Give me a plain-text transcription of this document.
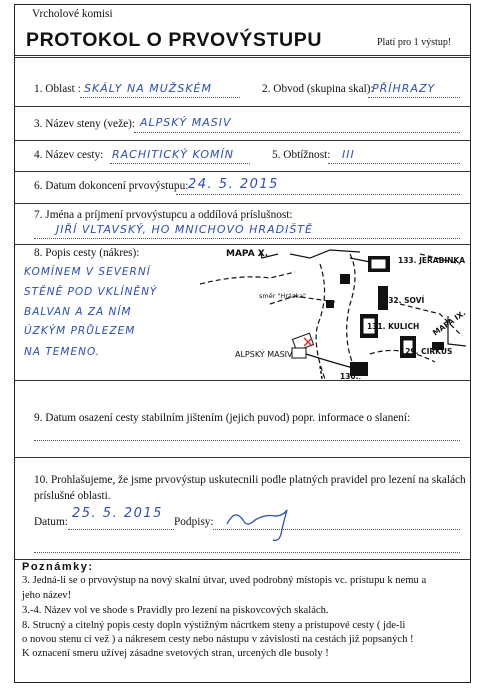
Vrcholové komisi
PROTOKOL O PRVOVÝSTUPU	Platí pro 1 výstup!
1. Oblast : SKÁLY NA MUŽSKÉM	2. Obvod (skupina skal):
PŘÍHRAZY
3. Název steny (veže): ALPSKÝ MASIV
4. Název cesty: RACHITICKÝ KOMÍN	5. Obtížnost: III
6. Datum dokoncení prvovýstupu: 24. 5. 2015
7. Jména a príjmení prvovýstupcu a oddílová príslušnost:
JIŘÍ VLTAVSKÝ, HO MNICHOVO HRADIŠTĚ
8. Popis cesty (nákres):
KOMÍNEM V SEVERNÍ
STĚNĚ POD VKLÍNĚNÝ
BALVAN A ZA NÍM
ÚZKÝM PRŮLEZEM
NA TEMENO.
MAPA X.
133. JEŘABINKA
132. SOVÍ
131. KULICH
129. CIRKUS
130.
MAPA IX.
směr "Hrázka"
ALPSKÝ MASIV
9. Datum osazení cesty stabilním jištením (jejich puvod) popr. informace o slanení:
10. Prohlašujeme, že jsme prvovýstup uskutecnili podle platných pravidel pro lezení na skalách
príslušné oblasti.
Datum:
25. 5. 2015
Podpisy:
Poznámky:
3. Jedná-li se o prvovýstup na nový skalní útvar, uved podrobný místopis vc. prístupu k nemu a
jeho název!
3.-4. Název vol ve shode s Pravidly pro lezení na pískovcových skalách.
8. Strucný a citelný popis cesty dopln výstižným nácrtkem steny a prístupové cesty ( jde-li
o novou stenu ci vež ) a nákresem cesty nebo nástupu v závislosti na cestách již popsaných !
K oznacení smeru užívej zásadne svetových stran, urcených dle busoly !
